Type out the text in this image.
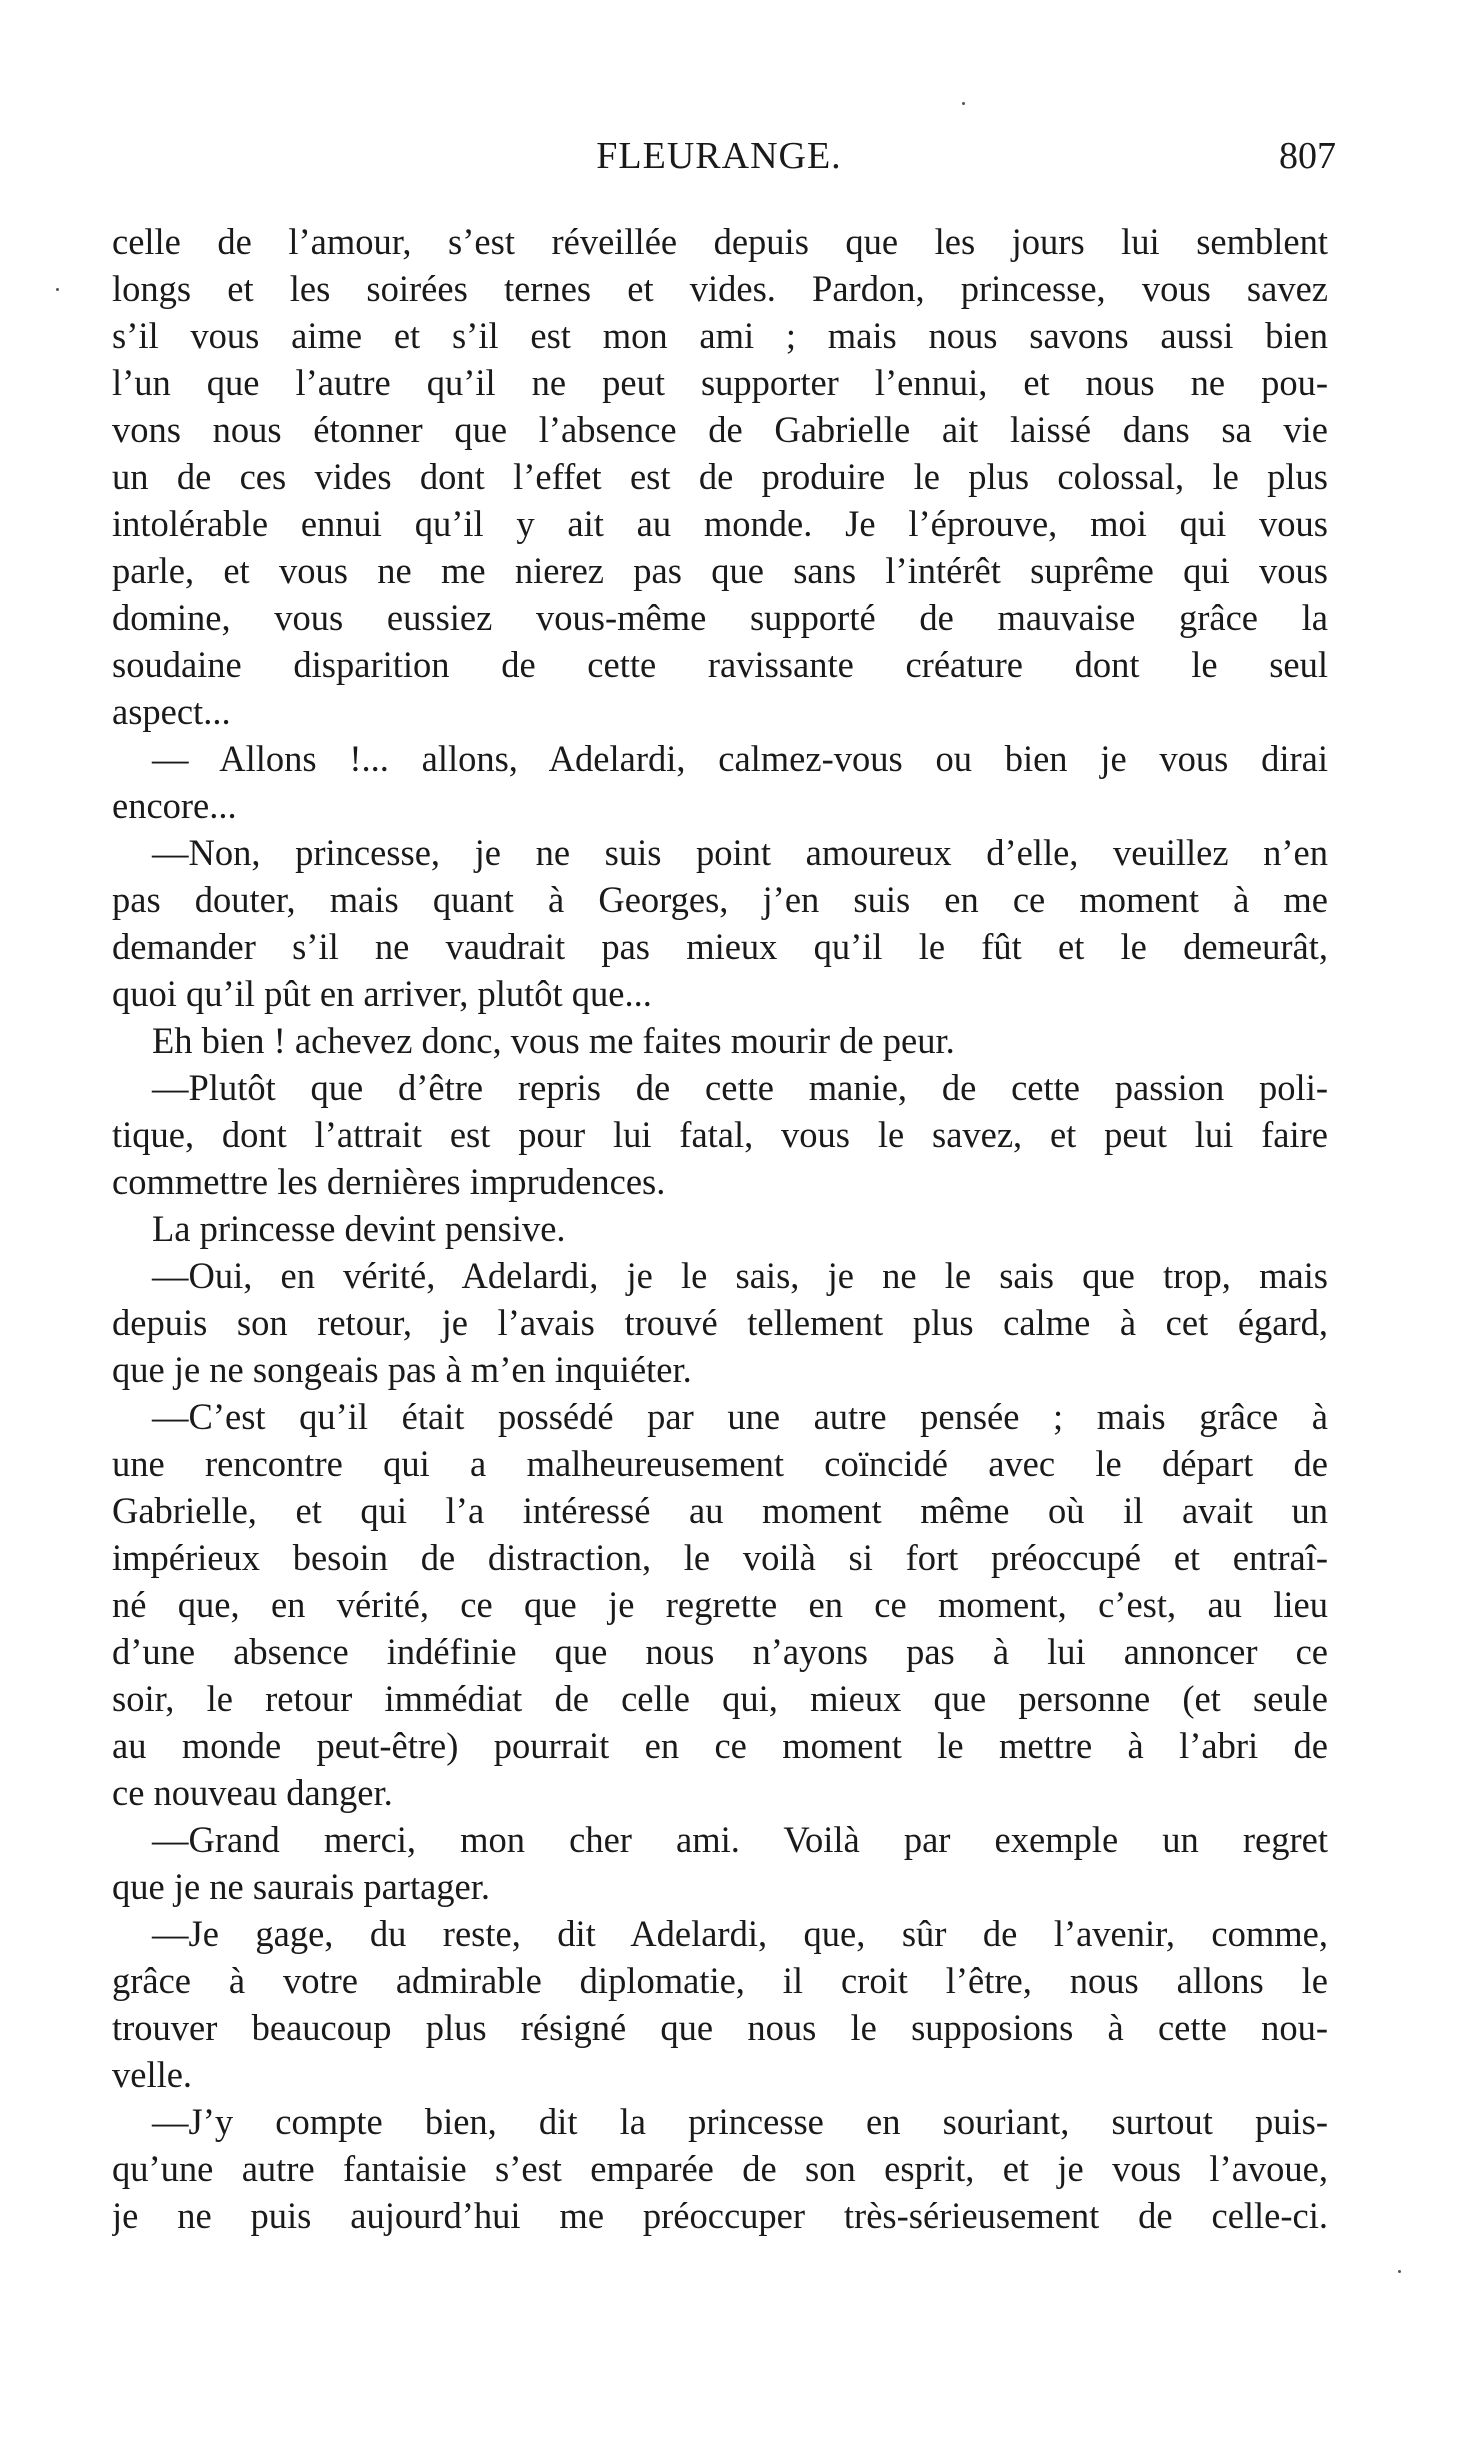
FLEURANGE.	807
celle de l’amour, s’est réveillée depuis que les jours lui semblent
longs et les soirées ternes et vides. Pardon, princesse, vous savez
s’il vous aime et s’il est mon ami ; mais nous savons aussi bien
l’un que l’autre qu’il ne peut supporter l’ennui, et nous ne pou-
vons nous étonner que l’absence de Gabrielle ait laissé dans sa vie
un de ces vides dont l’effet est de produire le plus colossal, le plus
intolérable ennui qu’il y ait au monde. Je l’éprouve, moi qui vous
parle, et vous ne me nierez pas que sans l’intérêt suprême qui vous
domine, vous eussiez vous-même supporté de mauvaise grâce la
soudaine disparition de cette ravissante créature dont le seul
aspect...
— Allons !... allons, Adelardi, calmez-vous ou bien je vous dirai
encore...
—Non, princesse, je ne suis point amoureux d’elle, veuillez n’en
pas douter, mais quant à Georges, j’en suis en ce moment à me
demander s’il ne vaudrait pas mieux qu’il le fût et le demeurât,
quoi qu’il pût en arriver, plutôt que...
Eh bien ! achevez donc, vous me faites mourir de peur.
—Plutôt que d’être repris de cette manie, de cette passion poli-
tique, dont l’attrait est pour lui fatal, vous le savez, et peut lui faire
commettre les dernières imprudences.
La princesse devint pensive.
—Oui, en vérité, Adelardi, je le sais, je ne le sais que trop, mais
depuis son retour, je l’avais trouvé tellement plus calme à cet égard,
que je ne songeais pas à m’en inquiéter.
—C’est qu’il était possédé par une autre pensée ; mais grâce à
une rencontre qui a malheureusement coïncidé avec le départ de
Gabrielle, et qui l’a intéressé au moment même où il avait un
impérieux besoin de distraction, le voilà si fort préoccupé et entraî-
né que, en vérité, ce que je regrette en ce moment, c’est, au lieu
d’une absence indéfinie que nous n’ayons pas à lui annoncer ce
soir, le retour immédiat de celle qui, mieux que personne (et seule
au monde peut-être) pourrait en ce moment le mettre à l’abri de
ce nouveau danger.
—Grand merci, mon cher ami. Voilà par exemple un regret
que je ne saurais partager.
—Je gage, du reste, dit Adelardi, que, sûr de l’avenir, comme,
grâce à votre admirable diplomatie, il croit l’être, nous allons le
trouver beaucoup plus résigné que nous le supposions à cette nou-
velle.
—J’y compte bien, dit la princesse en souriant, surtout puis-
qu’une autre fantaisie s’est emparée de son esprit, et je vous l’avoue,
je ne puis aujourd’hui me préoccuper très-sérieusement de celle-ci.
